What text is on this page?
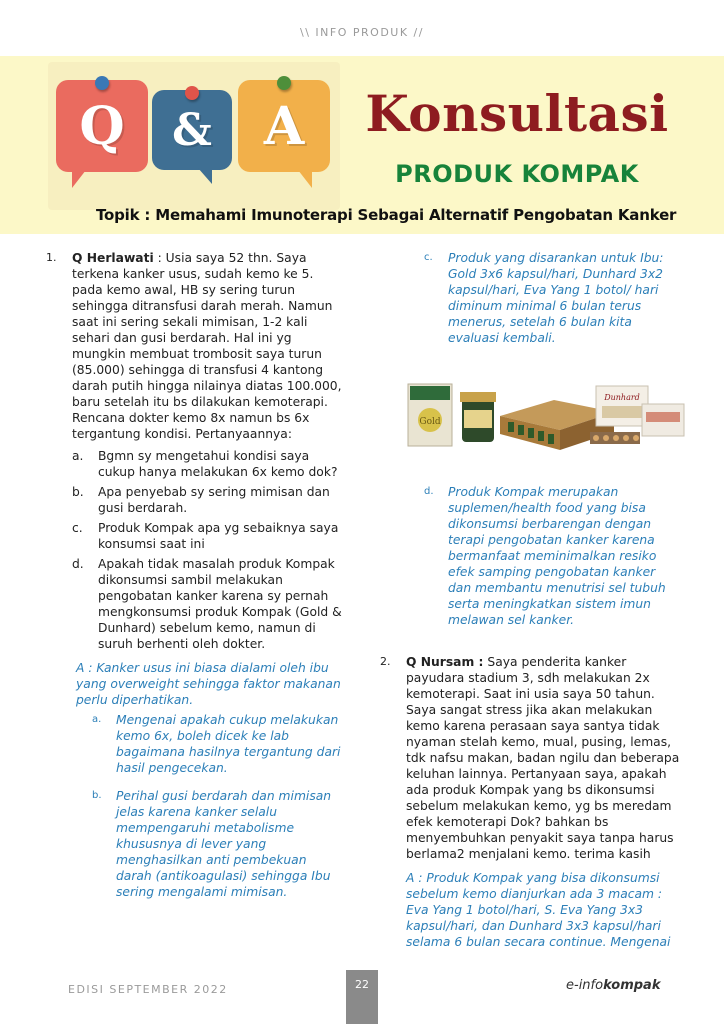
\\ INFO PRODUK //
Q & A Konsultasi
PRODUK KOMPAK
Topik : Memahami Imunoterapi Sebagai Alternatif Pengobatan Kanker
1.	Q Herlawati : Usia saya 52 thn. Saya terkena kanker usus, sudah kemo ke 5. pada kemo awal, HB sy sering turun sehingga ditransfusi darah merah. Namun saat ini sering sekali mimisan, 1-2 kali sehari dan gusi berdarah. Hal ini yg mungkin membuat trombosit saya turun (85.000) sehingga di transfusi 4 kantong darah putih hingga nilainya diatas 100.000, baru setelah itu bs dilakukan kemoterapi. Rencana dokter kemo 8x namun bs 6x tergantung kondisi. Pertanyaannya:
a.	Bgmn sy mengetahui kondisi saya cukup hanya melakukan 6x kemo dok?
b.	Apa penyebab sy sering mimisan dan gusi berdarah.
c.	Produk Kompak apa yg sebaiknya saya konsumsi saat ini
d.	Apakah tidak masalah produk Kompak dikonsumsi sambil melakukan pengobatan kanker karena sy pernah mengkonsumsi produk Kompak (Gold & Dunhard) sebelum kemo, namun di suruh berhenti oleh dokter.
A : Kanker usus ini biasa dialami oleh ibu yang overweight sehingga faktor makanan perlu diperhatikan.
a.	Mengenai apakah cukup melakukan kemo 6x, boleh dicek ke lab bagaimana hasilnya tergantung dari hasil pengecekan.
b.	Perihal gusi berdarah dan mimisan jelas karena kanker selalu mempengaruhi metabolisme khususnya di lever yang menghasilkan anti pembekuan darah (antikoagulasi) sehingga Ibu sering mengalami mimisan.
c.	Produk yang disarankan untuk Ibu: Gold 3x6 kapsul/hari, Dunhard 3x2 kapsul/hari, Eva Yang 1 botol/ hari diminum minimal 6 bulan terus menerus, setelah 6 bulan kita evaluasi kembali.
Gold
Dunhard
d.	Produk Kompak merupakan suplemen/health food yang bisa dikonsumsi berbarengan dengan terapi pengobatan kanker karena bermanfaat meminimalkan resiko efek samping pengobatan kanker dan membantu menutrisi sel tubuh serta meningkatkan sistem imun melawan sel kanker.
2.	Q Nursam : Saya penderita kanker payudara stadium 3, sdh melakukan 2x kemoterapi. Saat ini usia saya 50 tahun. Saya sangat stress jika akan melakukan kemo karena perasaan saya santya tidak nyaman stelah kemo, mual, pusing, lemas, tdk nafsu makan, badan ngilu dan beberapa keluhan lainnya. Pertanyaan saya, apakah ada produk Kompak yang bs dikonsumsi sebelum melakukan kemo, yg bs meredam efek kemoterapi Dok? bahkan bs menyembuhkan penyakit saya tanpa harus berlama2 menjalani kemo. terima kasih
A : Produk Kompak yang bisa dikonsumsi sebelum kemo dianjurkan ada 3 macam : Eva Yang 1 botol/hari, S. Eva Yang 3x3 kapsul/hari, dan Dunhard 3x3 kapsul/hari selama 6 bulan secara continue. Mengenai
EDISI SEPTEMBER 2022	22	e-infokompak
